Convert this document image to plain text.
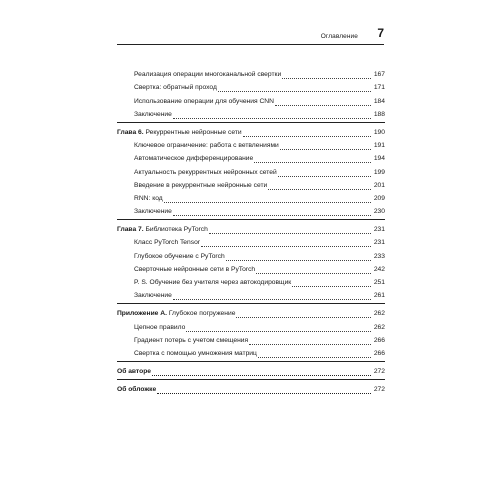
Оглавление 7
Реализация операции многоканальной свертки	167
Свертка: обратный проход	171
Использование операции для обучения CNN	184
Заключение	188
Глава 6. Рекуррентные нейронные сети	190
Ключевое ограничение: работа с ветвлениями	191
Автоматическое дифференцирование	194
Актуальность рекуррентных нейронных сетей	199
Введение в рекуррентные нейронные сети	201
RNN: код	209
Заключение	230
Глава 7. Библиотека PyTorch	231
Класс PyTorch Tensor	231
Глубокое обучение с PyTorch	233
Сверточные нейронные сети в PyTorch	242
P. S. Обучение без учителя через автокодировщик	251
Заключение	261
Приложение А. Глубокое погружение	262
Цепное правило	262
Градиент потерь с учетом смещения	266
Свертка с помощью умножения матриц	266
Об авторе	272
Об обложке	272
